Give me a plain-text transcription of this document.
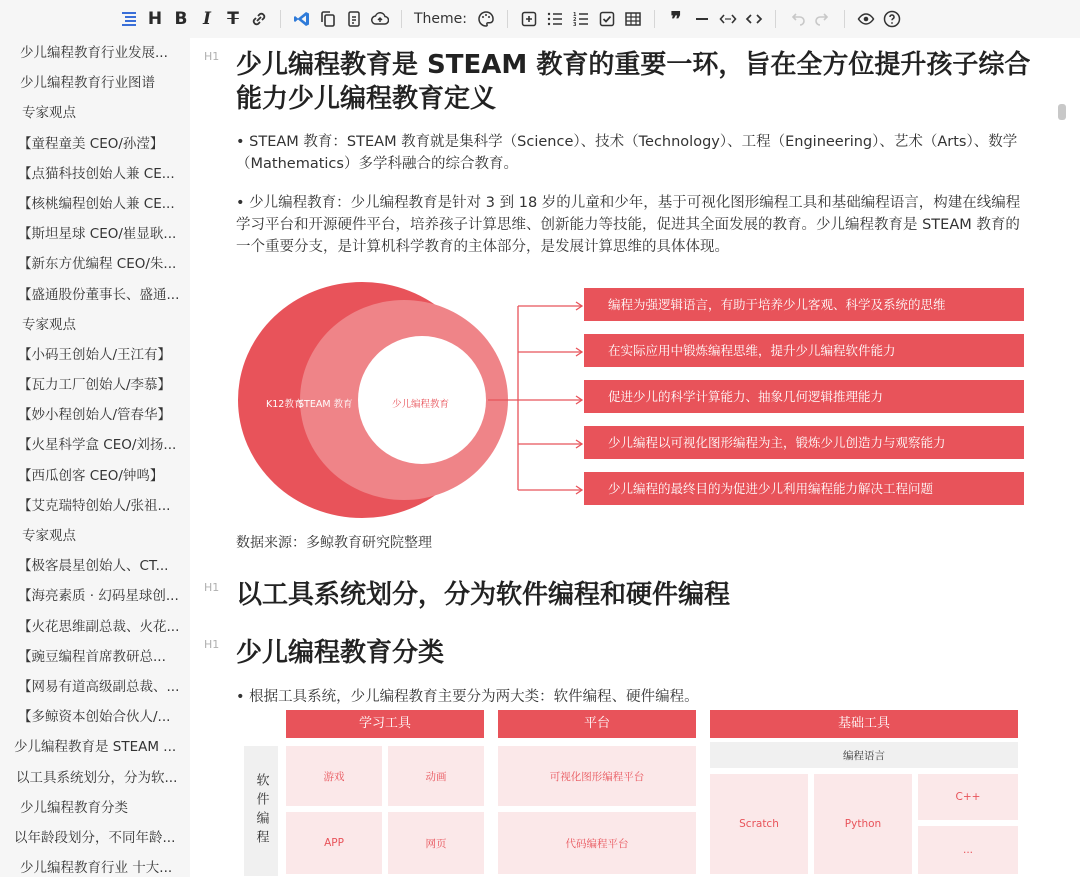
H B I T	Theme:	1
2
3	❞
少儿编程教育行业发展...
少儿编程教育行业图谱
专家观点
【童程童美 CEO/孙滢】
【点猫科技创始人兼 CE...
【核桃编程创始人兼 CE...
【斯坦星球 CEO/崔显耿...
【新东方优编程 CEO/朱...
【盛通股份董事长、盛通...
专家观点
【小码王创始人/王江有】
【瓦力工厂创始人/李慕】
【妙小程创始人/管春华】
【火星科学盒 CEO/刘扬...
【西瓜创客 CEO/钟鸣】
【艾克瑞特创始人/张祖...
专家观点
【极客晨星创始人、CT...
【海亮素质 · 幻码星球创...
【火花思维副总裁、火花...
【豌豆编程首席教研总...
【网易有道高级副总裁、...
【多鲸资本创始合伙人/...
少儿编程教育是 STEAM ...
以工具系统划分，分为软...
少儿编程教育分类
以年龄段划分，不同年龄...
少儿编程教育行业 十大...
H1 少儿编程教育是 STEAM 教育的重要一环，旨在全方位提升孩子综合能力少儿编程教育定义
• STEAM 教育：STEAM 教育就是集科学（Science）、技术（Technology）、工程（Engineering）、艺术（Arts）、数学（Mathematics）多学科融合的综合教育。
• 少儿编程教育：少儿编程教育是针对 3 到 18 岁的儿童和少年，基于可视化图形编程工具和基础编程语言，构建在线编程学习平台和开源硬件平台，培养孩子计算思维、创新能力等技能，促进其全面发展的教育。少儿编程教育是 STEAM 教育的一个重要分支，是计算机科学教育的主体部分，是发展计算思维的具体体现。
K12教育
STEAM 教育	少儿编程教育
编程为强逻辑语言，有助于培养少儿客观、科学及系统的思维
在实际应用中锻炼编程思维，提升少儿编程软件能力
促进少儿的科学计算能力、抽象几何逻辑推理能力
少儿编程以可视化图形编程为主，锻炼少儿创造力与观察能力
少儿编程的最终目的为促进少儿利用编程能力解决工程问题
数据来源：多鲸教育研究院整理
H1 以工具系统划分，分为软件编程和硬件编程
H1 少儿编程教育分类
• 根据工具系统，少儿编程教育主要分为两大类：软件编程、硬件编程。
软件编程
学习工具	平台	基础工具
游戏	动画
APP	网页
可视化图形编程平台
代码编程平台
编程语言
Scratch	Python
C++
...
